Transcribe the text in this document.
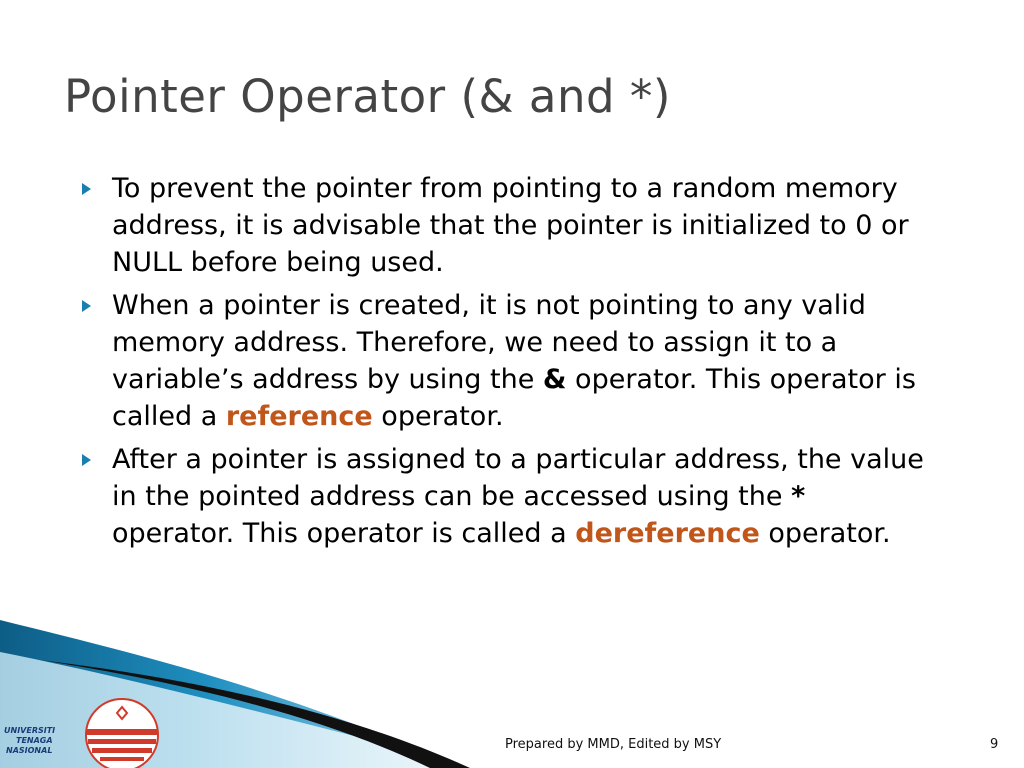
Pointer Operator (& and *)
To prevent the pointer from pointing to a random memory address, it is advisable that the pointer is initialized to 0 or NULL before being used.
When a pointer is created, it is not pointing to any valid memory address. Therefore, we need to assign it to a variable’s address by using the & operator. This operator is called a reference operator.
After a pointer is assigned to a particular address, the value in the pointed address can be accessed using the * operator. This operator is called a dereference operator.
UNIVERSITI
TENAGA
NASIONAL	Prepared by MMD, Edited by MSY	9
